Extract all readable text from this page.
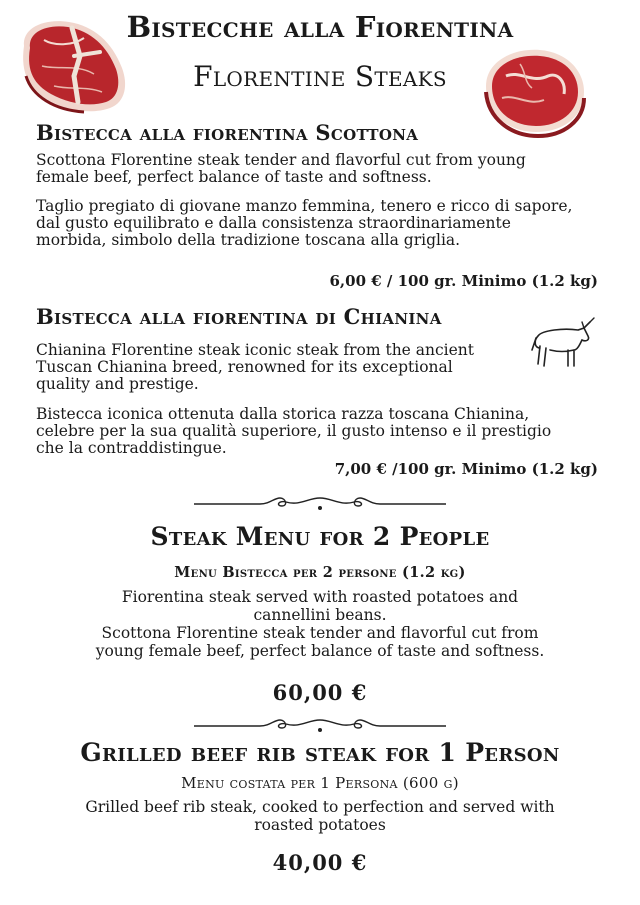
Bistecche alla Fiorentina
Florentine Steaks
Bistecca alla fiorentina Scottona
Scottona Florentine steak tender and flavorful cut from young
female beef, perfect balance of taste and softness.
Taglio pregiato di giovane manzo femmina, tenero e ricco di sapore,
dal gusto equilibrato e dalla consistenza straordinariamente
morbida, simbolo della tradizione toscana alla griglia.
6,00 € / 100 gr. Minimo (1.2 kg)
Bistecca alla fiorentina di Chianina
Chianina Florentine steak iconic steak from the ancient
Tuscan Chianina breed, renowned for its exceptional
quality and prestige.
Bistecca iconica ottenuta dalla storica razza toscana Chianina,
celebre per la sua qualità superiore, il gusto intenso e il prestigio
che la contraddistingue.
7,00 € /100 gr. Minimo (1.2 kg)
Steak Menu for 2 People
Menu Bistecca per 2 persone (1.2 kg)
Fiorentina steak served with roasted potatoes and
cannellini beans.
Scottona Florentine steak tender and flavorful cut from
young female beef, perfect balance of taste and softness.
60,00 €
Grilled beef rib steak for 1 Person
Menu costata per 1 Persona (600 g)
Grilled beef rib steak, cooked to perfection and served with
roasted potatoes
40,00 €
